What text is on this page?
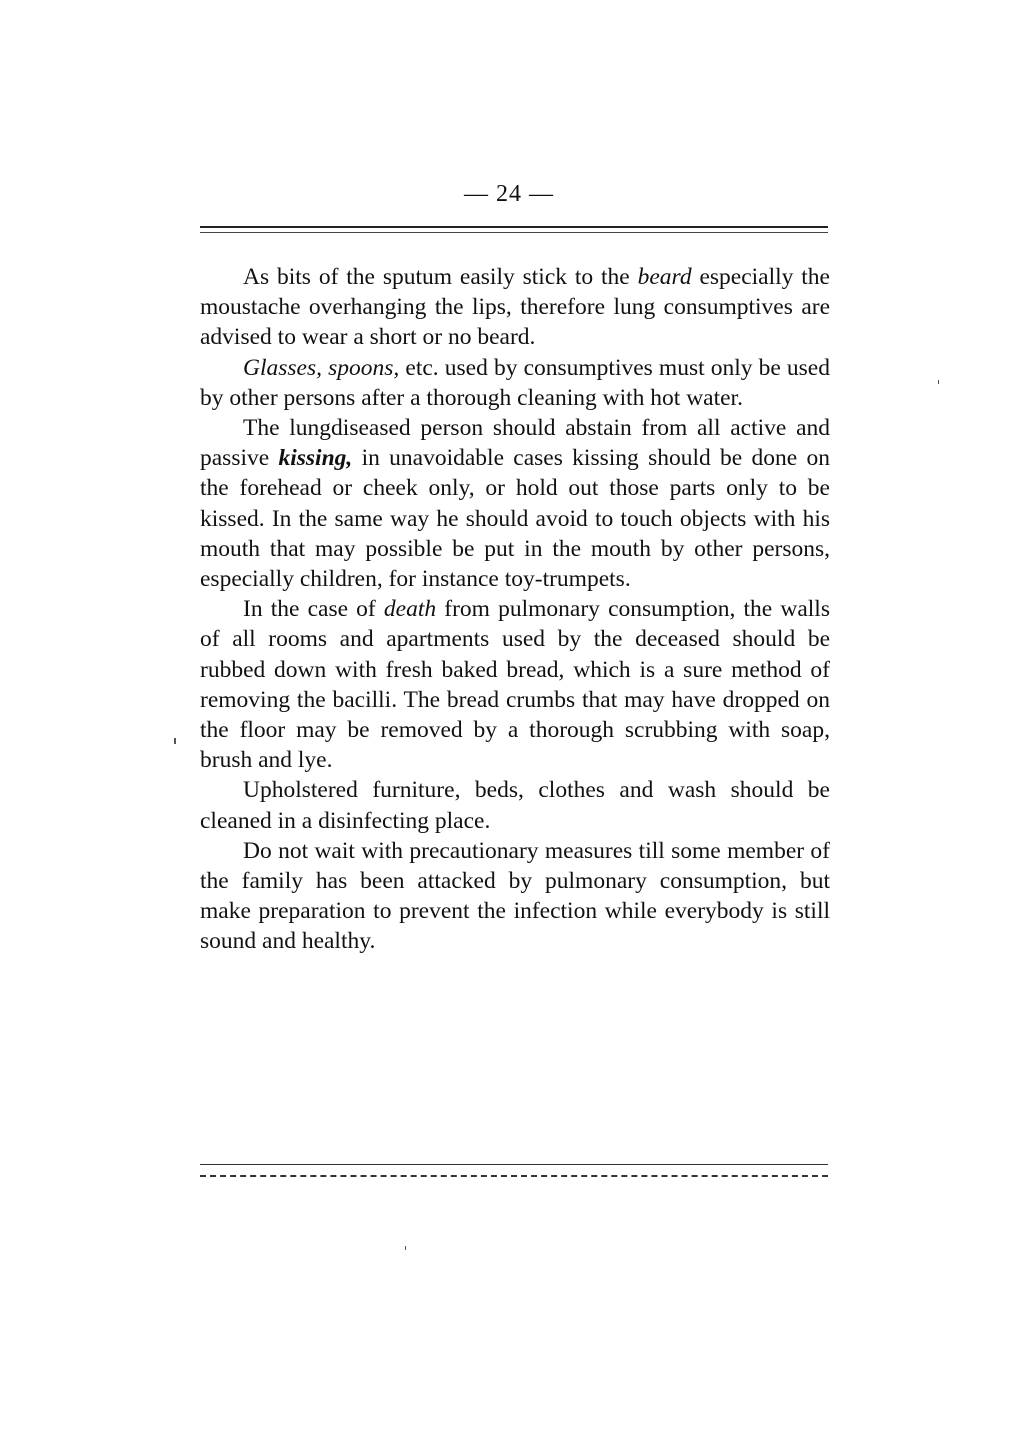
— 24 —

As bits of the sputum easily stick to the beard especially the moustache overhanging the lips, therefore lung consumptives are advised to wear a short or no beard.

Glasses, spoons, etc. used by consumptives must only be used by other persons after a thorough cleaning with hot water.

The lungdiseased person should abstain from all active and passive kissing, in unavoidable cases kissing should be done on the forehead or cheek only, or hold out those parts only to be kissed. In the same way he should avoid to touch objects with his mouth that may possible be put in the mouth by other persons, especially children, for instance toy-trumpets.

In the case of death from pulmonary consumption, the walls of all rooms and apartments used by the deceased should be rubbed down with fresh baked bread, which is a sure method of removing the bacilli. The bread crumbs that may have dropped on the floor may be removed by a thorough scrubbing with soap, brush and lye.

Upholstered furniture, beds, clothes and wash should be cleaned in a disinfecting place.

Do not wait with precautionary measures till some member of the family has been attacked by pulmonary consumption, but make preparation to prevent the infection while everybody is still sound and healthy.
